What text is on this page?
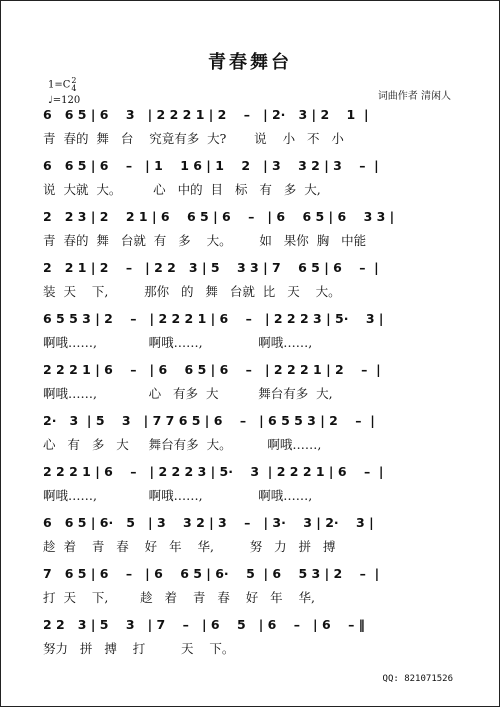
青春舞台
1=C 2
4
♩=120	词曲作者 清闲人
6   6 5 | 6    3   | 2 2 2 1 | 2    –   | 2·   3 | 2    1  |
青  春的  舞   台    究竟有多  大?       说    小   不   小
6   6 5 | 6    –   | 1    1 6 | 1    2   | 3    3 2 | 3    –  |
说  大就  大。        心   中的  目   标   有   多  大,
2   2 3 | 2    2 1 | 6    6 5 | 6    –   | 6    6 5 | 6    3 3 |
青  春的  舞   台就  有   多    大。       如   果你  胸   中能
2   2 1 | 2    –   | 2 2   3 | 5    3 3 | 7    6 5 | 6    –  |
装  天    下,         那你   的   舞   台就  比   天    大。
6 5 5 3 | 2    –   | 2 2 2 1 | 6    –   | 2 2 2 3 | 5·    3 |
啊哦……,             啊哦……,              啊哦……,
2 2 2 1 | 6    –   | 6    6 5 | 6    –   | 2 2 2 1 | 2    –  |
啊哦……,             心   有多  大          舞台有多  大,
2·   3  | 5    3   | 7 7 6 5 | 6    –   | 6 5 5 3 | 2    –  |
心   有   多   大     舞台有多  大。         啊哦……,
2 2 2 1 | 6    –   | 2 2 2 3 | 5·    3  | 2 2 2 1 | 6    –  |
啊哦……,             啊哦……,              啊哦……,
6   6 5 | 6·   5   | 3    3 2 | 3    –   | 3·    3 | 2·    3 |
趁  着    青   春    好   年    华,         努   力   拼   搏
7   6 5 | 6    –   | 6    6 5 | 6·    5  | 6    5 3 | 2    –  |
打  天    下,        趁   着    青   春    好   年    华,
2 2   3 | 5    3   | 7    –   | 6    5   | 6    –   | 6    – ‖
努力   拼   搏    打         天    下。
QQ: 821071526
